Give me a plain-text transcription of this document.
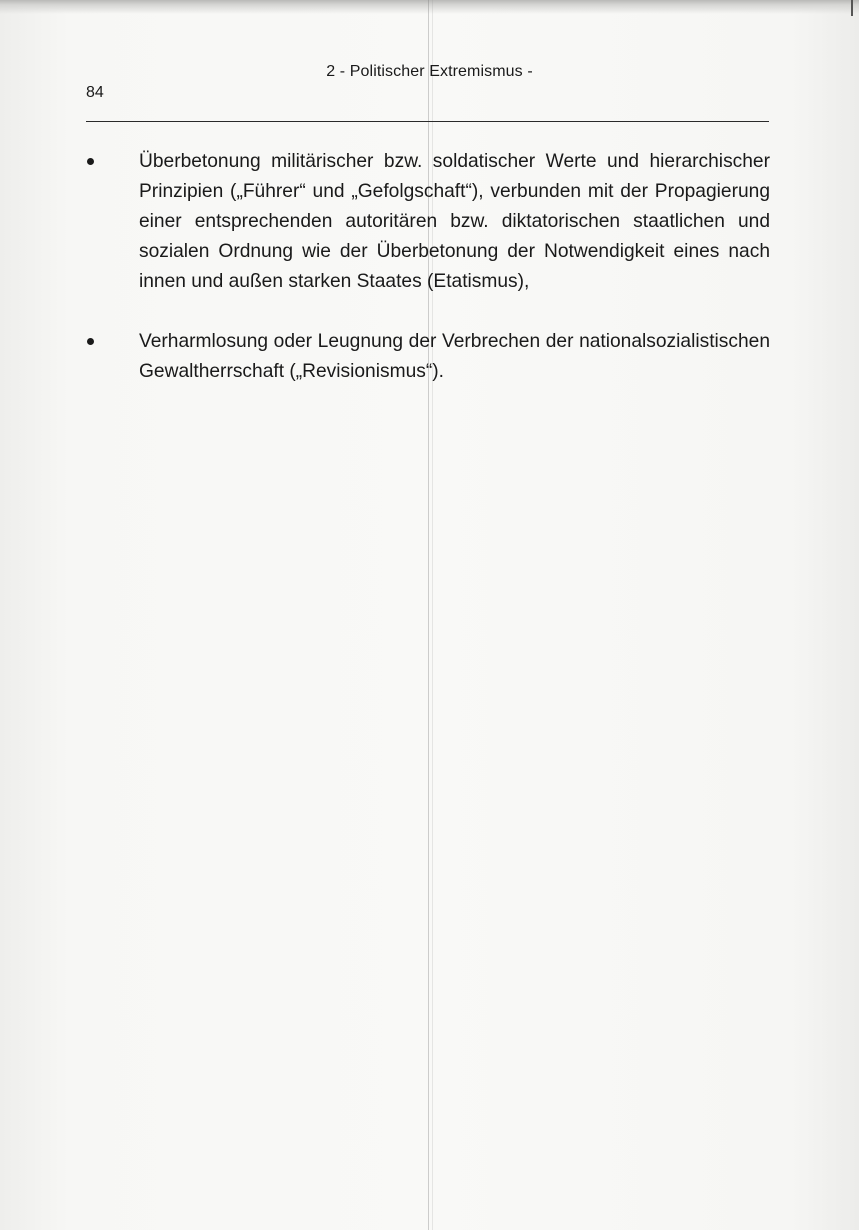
2 - Politischer Extremismus -
84
Überbetonung militärischer bzw. soldatischer Werte und hierarchischer Prinzipien („Führer“ und „Gefolgschaft“), verbunden mit der Propagierung einer entsprechenden autoritären bzw. diktatorischen staatlichen und sozialen Ordnung wie der Überbetonung der Notwendigkeit eines nach innen und außen starken Staates (Etatismus),
Verharmlosung oder Leugnung der Verbrechen der nationalsozialistischen Gewaltherrschaft („Revisionismus“).
